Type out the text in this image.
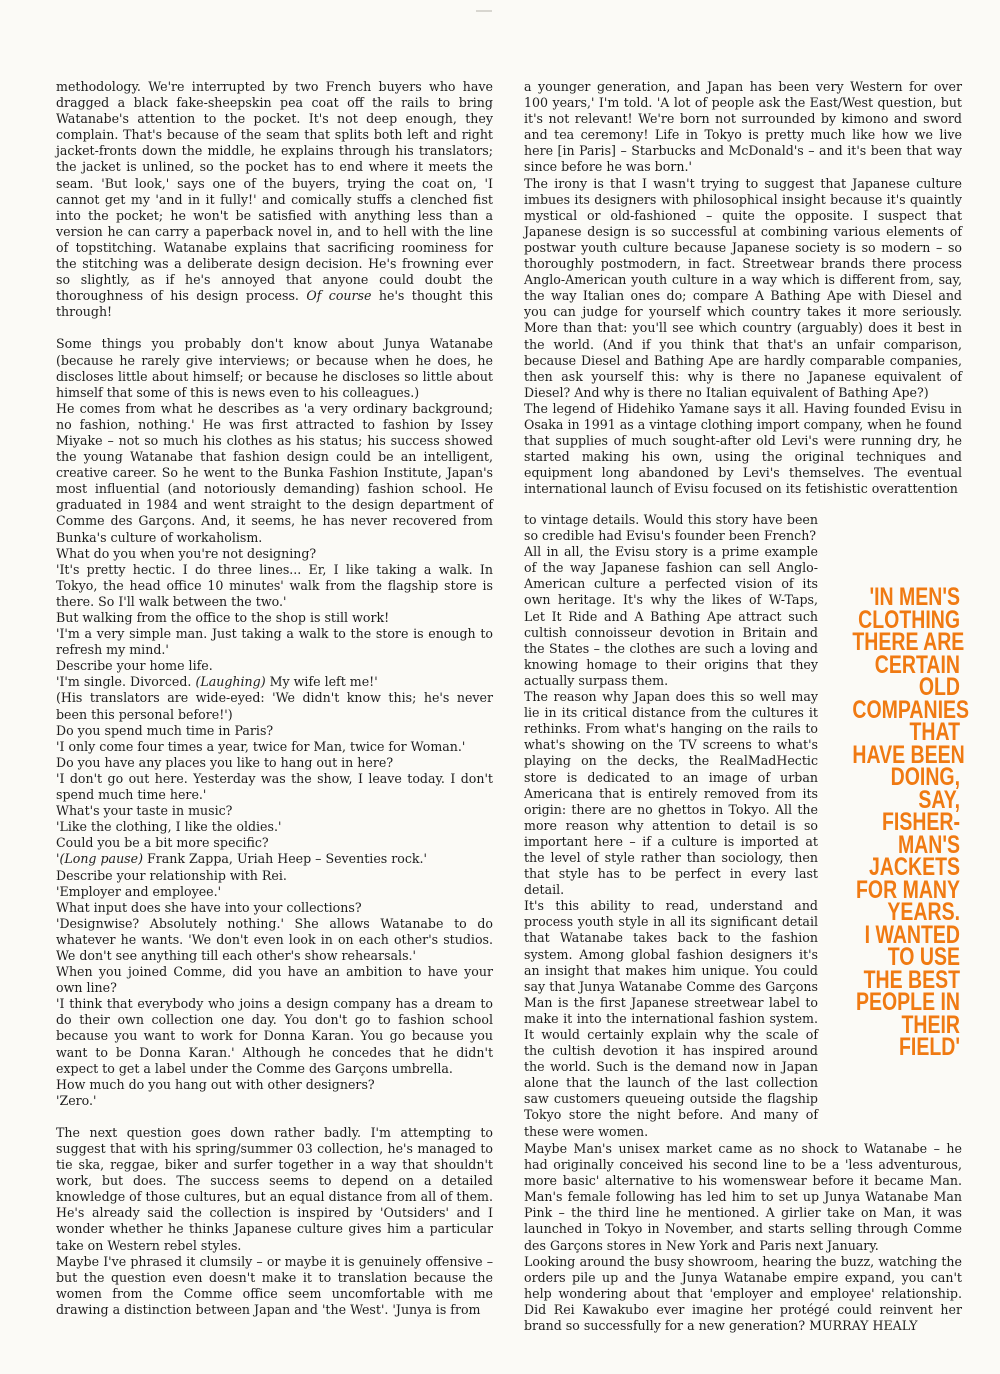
methodology. We're interrupted by two French buyers who have dragged a black fake-sheepskin pea coat off the rails to bring Watanabe's attention to the pocket. It's not deep enough, they complain. That's because of the seam that splits both left and right jacket-fronts down the middle, he explains through his translators; the jacket is unlined, so the pocket has to end where it meets the seam. 'But look,' says one of the buyers, trying the coat on, 'I cannot get my 'and in it fully!' and comically stuffs a clenched fist into the pocket; he won't be satisfied with anything less than a version he can carry a paperback novel in, and to hell with the line of topstitching. Watanabe explains that sacrificing roominess for the stitching was a deliberate design decision. He's frowning ever so slightly, as if he's annoyed that anyone could doubt the thoroughness of his design process. Of course he's thought this through!

Some things you probably don't know about Junya Watanabe (because he rarely give interviews; or because when he does, he discloses little about himself; or because he discloses so little about himself that some of this is news even to his colleagues.)

He comes from what he describes as 'a very ordinary background; no fashion, nothing.' He was first attracted to fashion by Issey Miyake – not so much his clothes as his status; his success showed the young Watanabe that fashion design could be an intelligent, creative career. So he went to the Bunka Fashion Institute, Japan's most influential (and notoriously demanding) fashion school. He graduated in 1984 and went straight to the design department of Comme des Garçons. And, it seems, he has never recovered from Bunka's culture of workaholism.

What do you when you're not designing?

'It's pretty hectic. I do three lines... Er, I like taking a walk. In Tokyo, the head office 10 minutes' walk from the flagship store is there. So I'll walk between the two.'

But walking from the office to the shop is still work!

'I'm a very simple man. Just taking a walk to the store is enough to refresh my mind.'

Describe your home life.

'I'm single. Divorced. (Laughing) My wife left me!'

(His translators are wide-eyed: 'We didn't know this; he's never been this personal before!')

Do you spend much time in Paris?

'I only come four times a year, twice for Man, twice for Woman.'

Do you have any places you like to hang out in here?

'I don't go out here. Yesterday was the show, I leave today. I don't spend much time here.'

What's your taste in music?

'Like the clothing, I like the oldies.'

Could you be a bit more specific?

'(Long pause) Frank Zappa, Uriah Heep – Seventies rock.'

Describe your relationship with Rei.

'Employer and employee.'

What input does she have into your collections?

'Designwise? Absolutely nothing.' She allows Watanabe to do whatever he wants. 'We don't even look in on each other's studios. We don't see anything till each other's show rehearsals.'

When you joined Comme, did you have an ambition to have your own line?

'I think that everybody who joins a design company has a dream to do their own collection one day. You don't go to fashion school because you want to work for Donna Karan. You go because you want to be Donna Karan.' Although he concedes that he didn't expect to get a label under the Comme des Garçons umbrella.

How much do you hang out with other designers?

'Zero.'

The next question goes down rather badly. I'm attempting to suggest that with his spring/summer 03 collection, he's managed to tie ska, reggae, biker and surfer together in a way that shouldn't work, but does. The success seems to depend on a detailed knowledge of those cultures, but an equal distance from all of them. He's already said the collection is inspired by 'Outsiders' and I wonder whether he thinks Japanese culture gives him a particular take on Western rebel styles.

Maybe I've phrased it clumsily – or maybe it is genuinely offensive – but the question even doesn't make it to translation because the women from the Comme office seem uncomfortable with me drawing a distinction between Japan and 'the West'. 'Junya is from

a younger generation, and Japan has been very Western for over 100 years,' I'm told. 'A lot of people ask the East/West question, but it's not relevant! We're born not surrounded by kimono and sword and tea ceremony! Life in Tokyo is pretty much like how we live here [in Paris] – Starbucks and McDonald's – and it's been that way since before he was born.'

The irony is that I wasn't trying to suggest that Japanese culture imbues its designers with philosophical insight because it's quaintly mystical or old-fashioned – quite the opposite. I suspect that Japanese design is so successful at combining various elements of postwar youth culture because Japanese society is so modern – so thoroughly postmodern, in fact. Streetwear brands there process Anglo-American youth culture in a way which is different from, say, the way Italian ones do; compare A Bathing Ape with Diesel and you can judge for yourself which country takes it more seriously. More than that: you'll see which country (arguably) does it best in the world. (And if you think that that's an unfair comparison, because Diesel and Bathing Ape are hardly comparable companies, then ask yourself this: why is there no Japanese equivalent of Diesel? And why is there no Italian equivalent of Bathing Ape?)

The legend of Hidehiko Yamane says it all. Having founded Evisu in Osaka in 1991 as a vintage clothing import company, when he found that supplies of much sought-after old Levi's were running dry, he started making his own, using the original techniques and equipment long abandoned by Levi's themselves. The eventual international launch of Evisu focused on its fetishistic overattention

to vintage details. Would this story have been so credible had Evisu's founder been French?

All in all, the Evisu story is a prime example of the way Japanese fashion can sell Anglo-American culture a perfected vision of its own heritage. It's why the likes of W-Taps, Let It Ride and A Bathing Ape attract such cultish connoisseur devotion in Britain and the States – the clothes are such a loving and knowing homage to their origins that they actually surpass them.

The reason why Japan does this so well may lie in its critical distance from the cultures it rethinks. From what's hanging on the rails to what's showing on the TV screens to what's playing on the decks, the RealMadHectic store is dedicated to an image of urban Americana that is entirely removed from its origin: there are no ghettos in Tokyo. All the more reason why attention to detail is so important here – if a culture is imported at the level of style rather than sociology, then that style has to be perfect in every last detail.

It's this ability to read, understand and process youth style in all its significant detail that Watanabe takes back to the fashion system. Among global fashion designers it's an insight that makes him unique. You could say that Junya Watanabe Comme des Garçons Man is the first Japanese streetwear label to make it into the international fashion system. It would certainly explain why the scale of the cultish devotion it has inspired around the world. Such is the demand now in Japan alone that the launch of the last collection saw customers queueing outside the flagship Tokyo store the night before. And many of these were women.

Maybe Man's unisex market came as no shock to Watanabe – he had originally conceived his second line to be a 'less adventurous, more basic' alternative to his womenswear before it became Man. Man's female following has led him to set up Junya Watanabe Man Pink – the third line he mentioned. A girlier take on Man, it was launched in Tokyo in November, and starts selling through Comme des Garçons stores in New York and Paris next January.

Looking around the busy showroom, hearing the buzz, watching the orders pile up and the Junya Watanabe empire expand, you can't help wondering about that 'employer and employee' relationship. Did Rei Kawakubo ever imagine her protégé could reinvent her brand so successfully for a new generation? MURRAY HEALY

'IN MEN'S
CLOTHING
THERE ARE
CERTAIN
OLD
COMPANIES
THAT
HAVE BEEN
DOING,
SAY,
FISHER-
MAN'S
JACKETS
FOR MANY
YEARS.
I WANTED
TO USE
THE BEST
PEOPLE IN
THEIR
FIELD'
